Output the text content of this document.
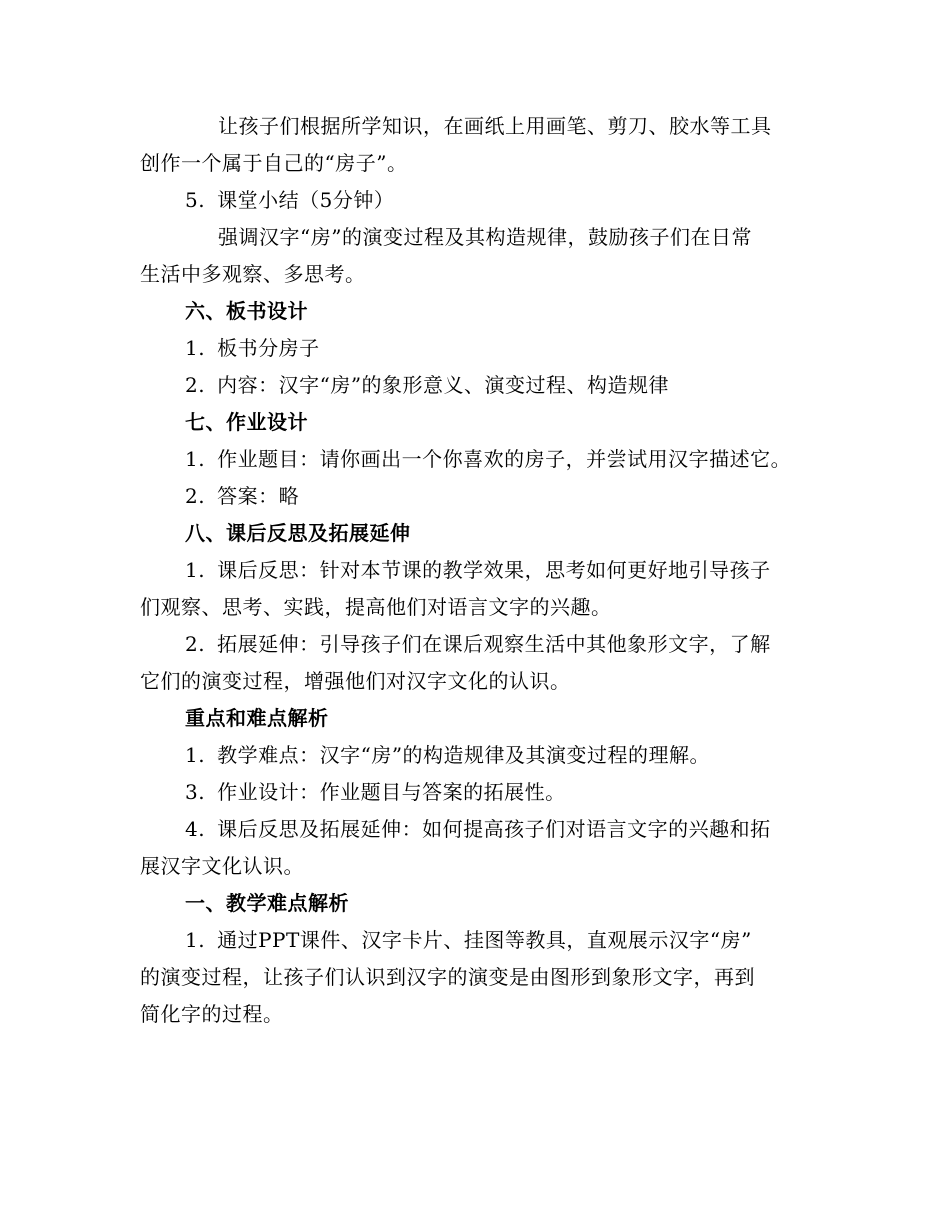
让孩子们根据所学知识，在画纸上用画笔、剪刀、胶水等工具

创作一个属于自己的“房子”。

5. 课堂小结（5分钟）

强调汉字“房”的演变过程及其构造规律，鼓励孩子们在日常

生活中多观察、多思考。

六、板书设计

1. 板书分房子

2. 内容：汉字“房”的象形意义、演变过程、构造规律

七、作业设计

1. 作业题目：请你画出一个你喜欢的房子，并尝试用汉字描述它。

2. 答案：略

八、课后反思及拓展延伸

1. 课后反思：针对本节课的教学效果，思考如何更好地引导孩子

们观察、思考、实践，提高他们对语言文字的兴趣。

2. 拓展延伸：引导孩子们在课后观察生活中其他象形文字，了解

它们的演变过程，增强他们对汉字文化的认识。

重点和难点解析

1. 教学难点：汉字“房”的构造规律及其演变过程的理解。

3. 作业设计：作业题目与答案的拓展性。

4. 课后反思及拓展延伸：如何提高孩子们对语言文字的兴趣和拓

展汉字文化认识。

一、教学难点解析

1. 通过PPT课件、汉字卡片、挂图等教具，直观展示汉字“房”

的演变过程，让孩子们认识到汉字的演变是由图形到象形文字，再到

简化字的过程。
